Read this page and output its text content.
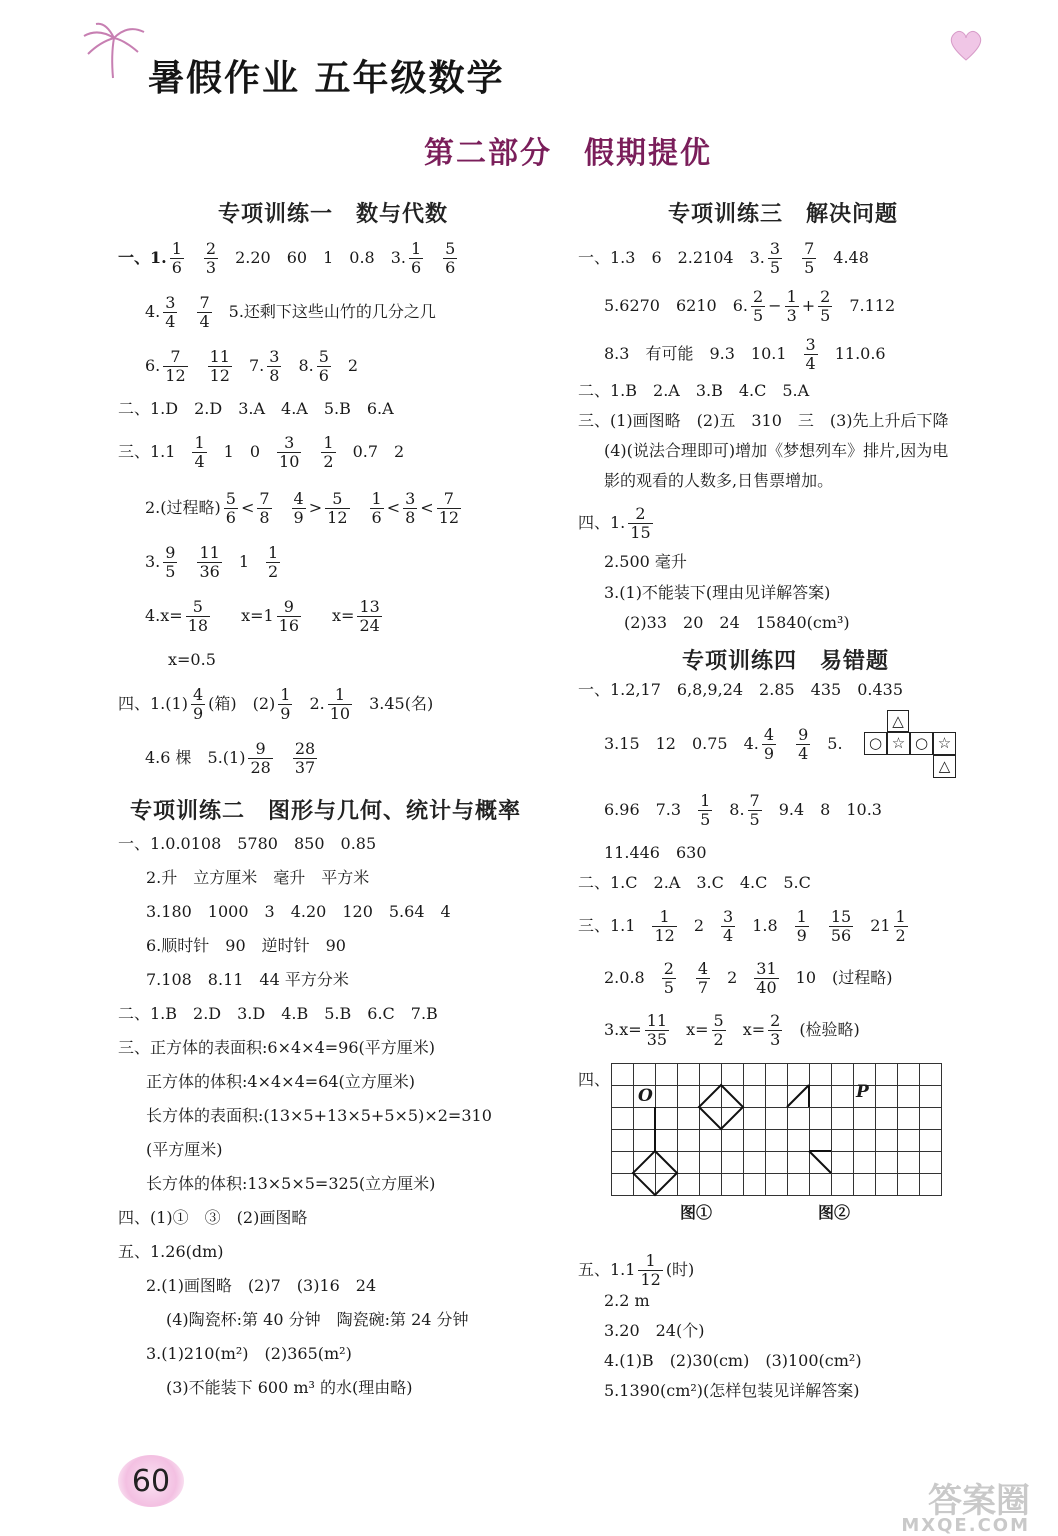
暑假作业 五年级数学
第二部分　假期提优
专项训练一　数与代数
一、1. $\frac{1}{6} \frac{2}{3} 2.20$　60　1　0.8　3. $\frac{1}{6} \frac{5}{6}$
4. $\frac{3}{4} \frac{7}{4} 5$.还剩下这些山竹的几分之几
6. $\frac{7}{12} \frac{11}{12} 7$. $\frac{3}{8} 8$. $\frac{5}{6} 2$
二、1.D　2.D　3.A　4.A　5.B　6.A
三、$1.1 \frac{1}{4} 1$　$0 \frac{3}{10} \frac{1}{2} 0.7$　2
2.(过程略) $\frac{5}{6} < \frac{7}{8} \frac{4}{9} > \frac{5}{12} \frac{1}{6} < \frac{3}{8} < \frac{7}{12}$
3. $\frac{9}{5} \frac{11}{36} 1 \frac{1}{2}$
$4.x= \frac{5}{18} x=1 \frac{9}{16} x= \frac{13}{24}$
x=0.5
四、$1.(1) \frac{4}{9}$ (箱)　$(2) \frac{1}{9} 2$. $\frac{1}{10} 3.45$(名)
4.6 棵　$5.(1) \frac{9}{28} \frac{28}{37}$
专项训练二　图形与几何、统计与概率
一、1.0.0108　5780　850　0.85
2.升　立方厘米　毫升　平方米
3.180　1000　3　4.20　120　5.64　4
6.顺时针　90　逆时针　90
7.108　8.11　44 平方分米
二、1.B　2.D　3.D　4.B　5.B　6.C　7.B
三、正方体的表面积:6×4×4=96(平方厘米)
正方体的体积:4×4×4=64(立方厘米)
长方体的表面积:(13×5+13×5+5×5)×2=310
(平方厘米)
长方体的体积:13×5×5=325(立方厘米)
四、(1)①　③　(2)画图略
五、1.26(dm)
2.(1)画图略　(2)7　(3)16　24
(4)陶瓷杯:第 40 分钟　陶瓷碗:第 24 分钟
3.(1)210(m²)　(2)365(m²)
(3)不能装下 600 m³ 的水(理由略)
专项训练三　解决问题
一、1.3　6　2.2104　3. $\frac{3}{5} \frac{7}{5} 4.48$
5.6270　6210　6. $\frac{2}{5} - \frac{1}{3} + \frac{2}{5} 7.112$
8.3　有可能　9.3　$10.1 \frac{3}{4} 11.0.6$
二、1.B　2.A　3.B　4.C　5.A
三、(1)画图略　(2)五　310　三　(3)先上升后下降
(4)(说法合理即可)增加《梦想列车》排片,因为电
影的观看的人数多,日售票增加。
四、1. $\frac{2}{15}$
2.500 毫升
3.(1)不能装下(理由见详解答案)
(2)33　20　24　15840(cm³)
专项训练四　易错题
一、1.2,17　6,8,9,24　2.85　435　0.435
3.15　12　0.75　4. $\frac{4}{9} \frac{9}{4} 5$.
△
○ ☆ ○ ☆
△
6.96　$7.3 \frac{1}{5} 8$. $\frac{7}{5} 9.4$　8　10.3
11.446　630
二、1.C　2.A　3.C　4.C　5.C
三、$1.1 \frac{1}{12} 2 \frac{3}{4} 1.8 \frac{1}{9} \frac{15}{56} 21 \frac{1}{2}$
$2.0.8 \frac{2}{5} \frac{4}{7} 2 \frac{31}{40} 10$　(过程略)
$3.x= \frac{11}{35} x= \frac{5}{2} x= \frac{2}{3}$ (检验略)
四、
O	P
图①	图②
五、$1.1 \frac{1}{12}$ (时)
2.2 m
3.20　24(个)
4.(1)B　(2)30(cm)　(3)100(cm²)
5.1390(cm²)(怎样包装见详解答案)
60	答案圈
MXQE.COM
